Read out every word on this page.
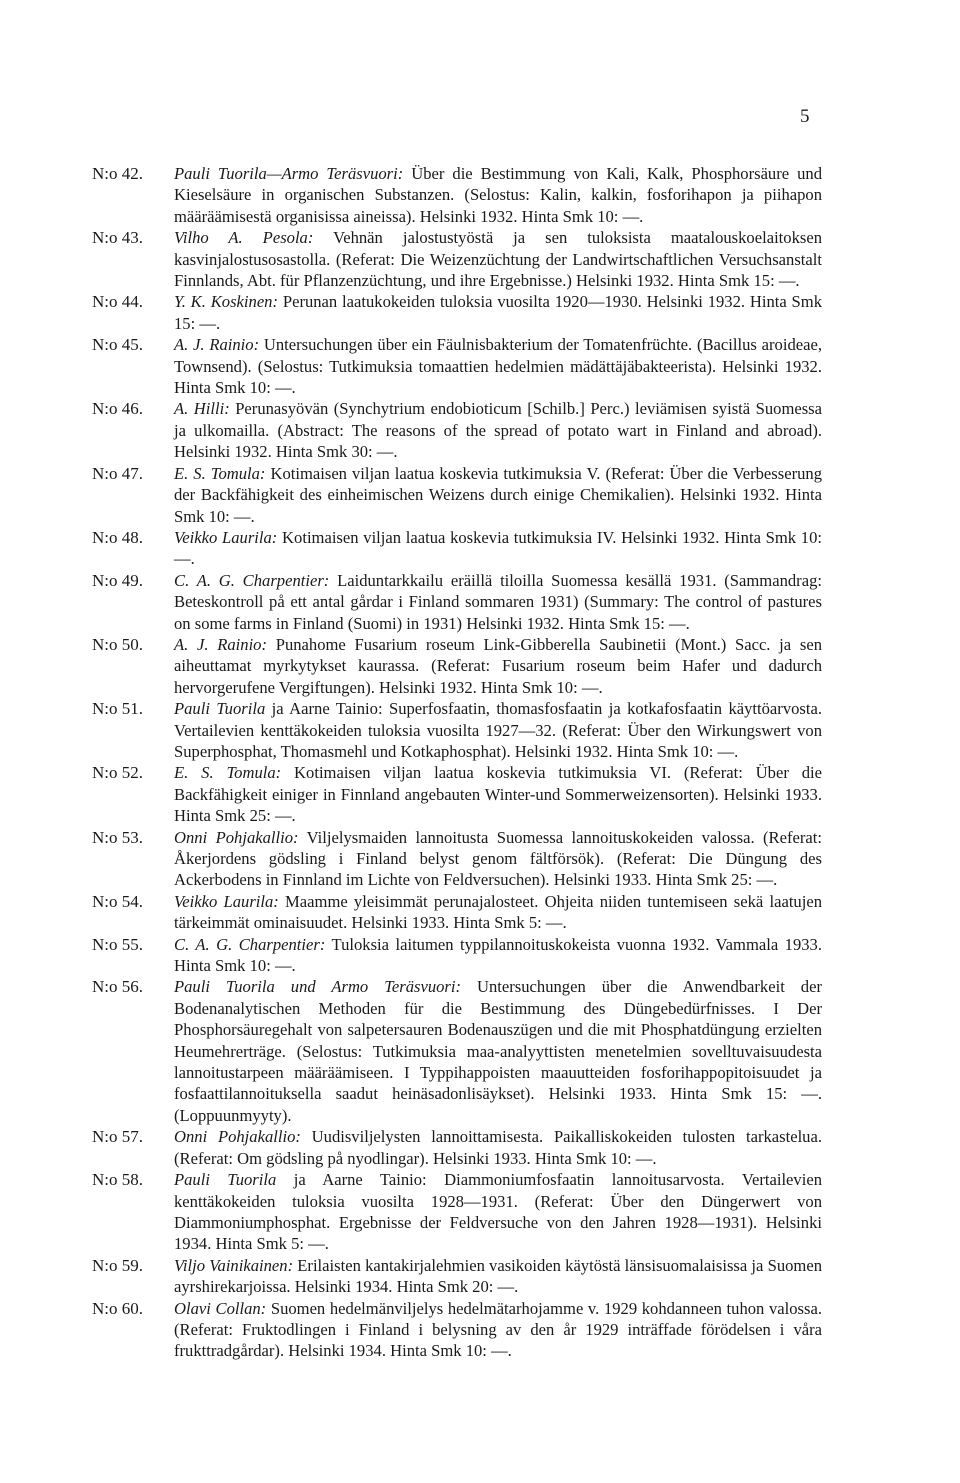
5
N:o 42.	Pauli Tuorila—Armo Teräsvuori: Über die Bestimmung von Kali, Kalk, Phosphorsäure und Kieselsäure in organischen Substanzen. (Selostus: Kalin, kalkin, fosforihapon ja piihapon määräämisestä organisissa aineissa). Helsinki 1932. Hinta Smk 10: —.
N:o 43.	Vilho A. Pesola: Vehnän jalostustyöstä ja sen tuloksista maatalouskoelaitoksen kasvinjalostusosastolla. (Referat: Die Weizenzüchtung der Landwirtschaftlichen Versuchsanstalt Finnlands, Abt. für Pflanzenzüchtung, und ihre Ergebnisse.) Helsinki 1932. Hinta Smk 15: —.
N:o 44.	Y. K. Koskinen: Perunan laatukokeiden tuloksia vuosilta 1920—1930. Helsinki 1932. Hinta Smk 15: —.
N:o 45.	A. J. Rainio: Untersuchungen über ein Fäulnisbakterium der Tomatenfrüchte. (Bacillus aroideae, Townsend). (Selostus: Tutkimuksia tomaattien hedelmien mädättäjäbakteerista). Helsinki 1932. Hinta Smk 10: —.
N:o 46.	A. Hilli: Perunasyövän (Synchytrium endobioticum [Schilb.] Perc.) leviämisen syistä Suomessa ja ulkomailla. (Abstract: The reasons of the spread of potato wart in Finland and abroad). Helsinki 1932. Hinta Smk 30: —.
N:o 47.	E. S. Tomula: Kotimaisen viljan laatua koskevia tutkimuksia V. (Referat: Über die Verbesserung der Backfähigkeit des einheimischen Weizens durch einige Chemikalien). Helsinki 1932. Hinta Smk 10: —.
N:o 48.	Veikko Laurila: Kotimaisen viljan laatua koskevia tutkimuksia IV. Helsinki 1932. Hinta Smk 10: —.
N:o 49.	C. A. G. Charpentier: Laiduntarkkailu eräillä tiloilla Suomessa kesällä 1931. (Sammandrag: Beteskontroll på ett antal gårdar i Finland sommaren 1931) (Summary: The control of pastures on some farms in Finland (Suomi) in 1931) Helsinki 1932. Hinta Smk 15: —.
N:o 50.	A. J. Rainio: Punahome Fusarium roseum Link-Gibberella Saubinetii (Mont.) Sacc. ja sen aiheuttamat myrkytykset kaurassa. (Referat: Fusarium roseum beim Hafer und dadurch hervorgerufene Vergiftungen). Helsinki 1932. Hinta Smk 10: —.
N:o 51.	Pauli Tuorila ja Aarne Tainio: Superfosfaatin, thomasfosfaatin ja kotkafosfaatin käyttöarvosta. Vertailevien kenttäkokeiden tuloksia vuosilta 1927—32. (Referat: Über den Wirkungswert von Superphosphat, Thomasmehl und Kotkaphosphat). Helsinki 1932. Hinta Smk 10: —.
N:o 52.	E. S. Tomula: Kotimaisen viljan laatua koskevia tutkimuksia VI. (Referat: Über die Backfähigkeit einiger in Finnland angebauten Winter-und Sommerweizensorten). Helsinki 1933. Hinta Smk 25: —.
N:o 53.	Onni Pohjakallio: Viljelysmaiden lannoitusta Suomessa lannoituskokeiden valossa. (Referat: Åkerjordens gödsling i Finland belyst genom fältförsök). (Referat: Die Düngung des Ackerbodens in Finnland im Lichte von Feldversuchen). Helsinki 1933. Hinta Smk 25: —.
N:o 54.	Veikko Laurila: Maamme yleisimmät perunajalosteet. Ohjeita niiden tuntemiseen sekä laatujen tärkeimmät ominaisuudet. Helsinki 1933. Hinta Smk 5: —.
N:o 55.	C. A. G. Charpentier: Tuloksia laitumen typpilannoituskokeista vuonna 1932. Vammala 1933. Hinta Smk 10: —.
N:o 56.	Pauli Tuorila und Armo Teräsvuori: Untersuchungen über die Anwendbarkeit der Bodenanalytischen Methoden für die Bestimmung des Düngebedürfnisses. I Der Phosphorsäuregehalt von salpetersauren Bodenauszügen und die mit Phosphatdüngung erzielten Heumehrerträge. (Selostus: Tutkimuksia maa-analyyttisten menetelmien sovelltuvaisuudesta lannoitustarpeen määräämiseen. I Typpihappoisten maauutteiden fosforihappopitoisuudet ja fosfaattilannoituksella saadut heinäsadonlisäykset). Helsinki 1933. Hinta Smk 15: —. (Loppuunmyyty).
N:o 57.	Onni Pohjakallio: Uudisviljelysten lannoittamisesta. Paikalliskokeiden tulosten tarkastelua. (Referat: Om gödsling på nyodlingar). Helsinki 1933. Hinta Smk 10: —.
N:o 58.	Pauli Tuorila ja Aarne Tainio: Diammoniumfosfaatin lannoitusarvosta. Vertailevien kenttäkokeiden tuloksia vuosilta 1928—1931. (Referat: Über den Düngerwert von Diammoniumphosphat. Ergebnisse der Feldversuche von den Jahren 1928—1931). Helsinki 1934. Hinta Smk 5: —.
N:o 59.	Viljo Vainikainen: Erilaisten kantakirjalehmien vasikoiden käytöstä länsisuomalaisissa ja Suomen ayrshirekarjoissa. Helsinki 1934. Hinta Smk 20: —.
N:o 60.	Olavi Collan: Suomen hedelmänviljelys hedelmätarhojamme v. 1929 kohdanneen tuhon valossa. (Referat: Fruktodlingen i Finland i belysning av den år 1929 inträffade förödelsen i våra frukttradgårdar). Helsinki 1934. Hinta Smk 10: —.
